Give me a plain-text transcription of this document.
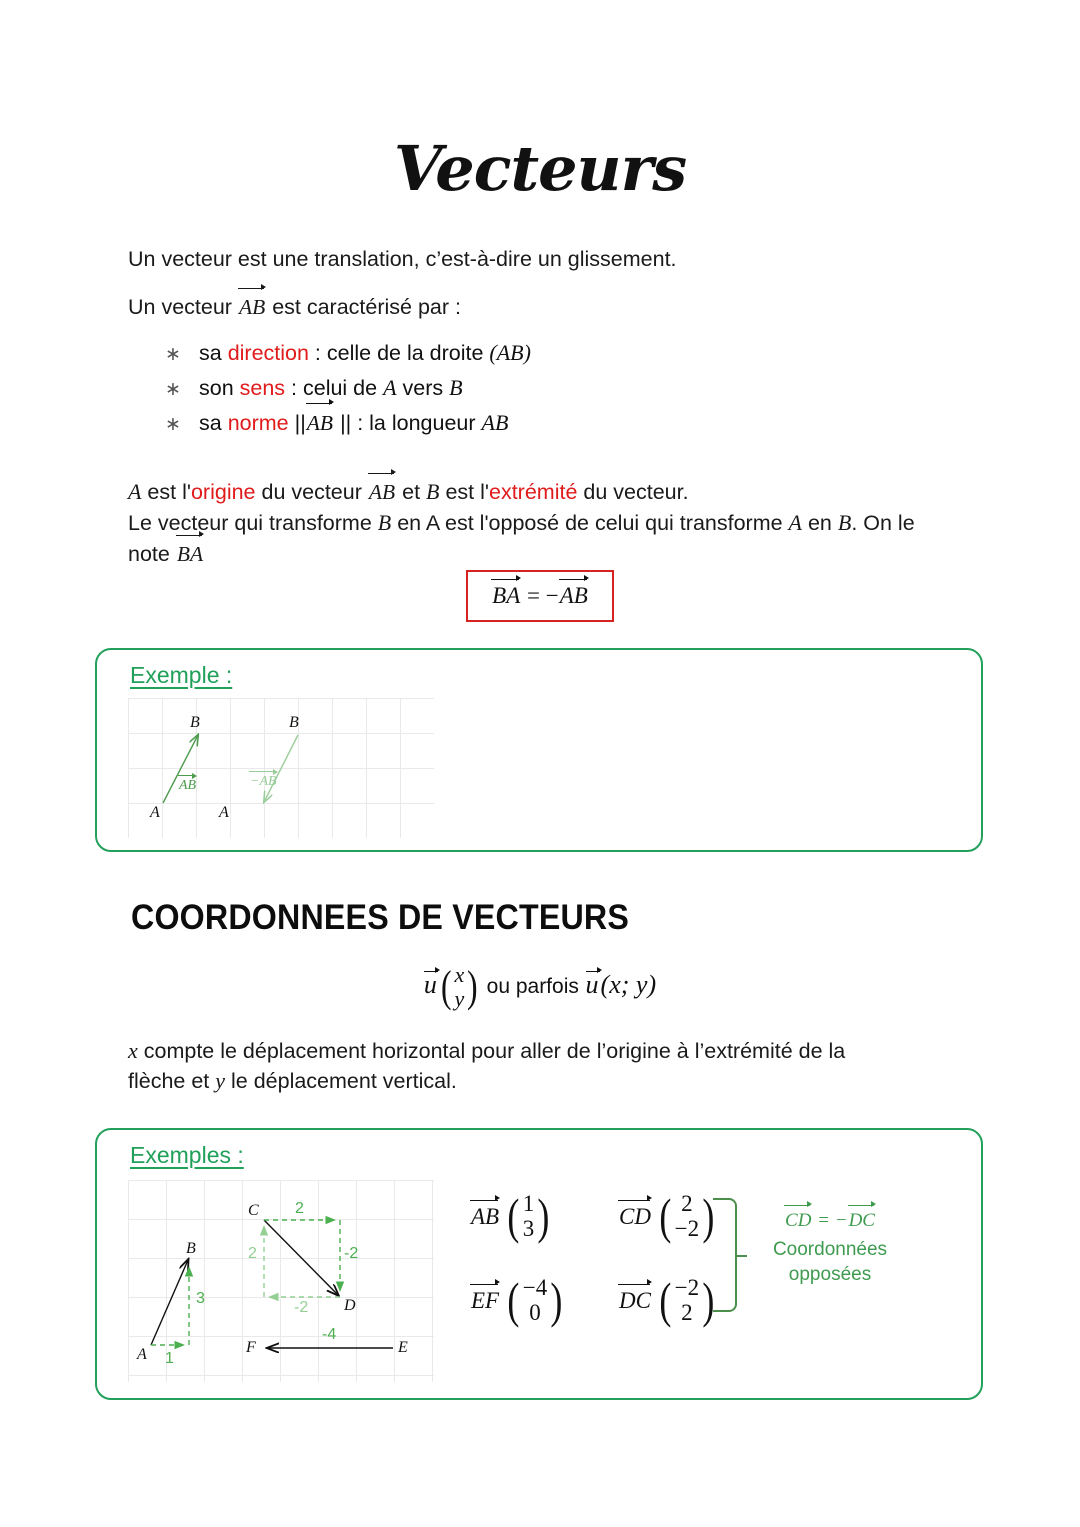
Vecteurs
Un vecteur est une translation, c’est-à-dire un glissement.
Un vecteur AB est caractérisé par :
∗ sa direction : celle de la droite (AB)
∗ son sens : celui de A vers B
∗ sa norme ||AB || : la longueur AB
A est l'origine du vecteur AB et B est l'extrémité du vecteur.
Le vecteur qui transforme B en A est l'opposé de celui qui transforme A en B. On le
note BA
BA
=
− AB
Exemple :
B	B
A	A
AB	−AB
COORDONNEES DE VECTEURS
u ( x
y ) ou parfois u(x; y)
x compte le déplacement horizontal pour aller de l’origine à l’extrémité de la
flèche et y le déplacement vertical.
Exemples :
A
B
C
D
E
F
1
3
2
-2
-2
2
-4
AB ( 1
3 )
EF ( −4
0 )
CD ( 2
−2 )
DC ( −2
2 )
CD = −DC
Coordonnées
opposées
